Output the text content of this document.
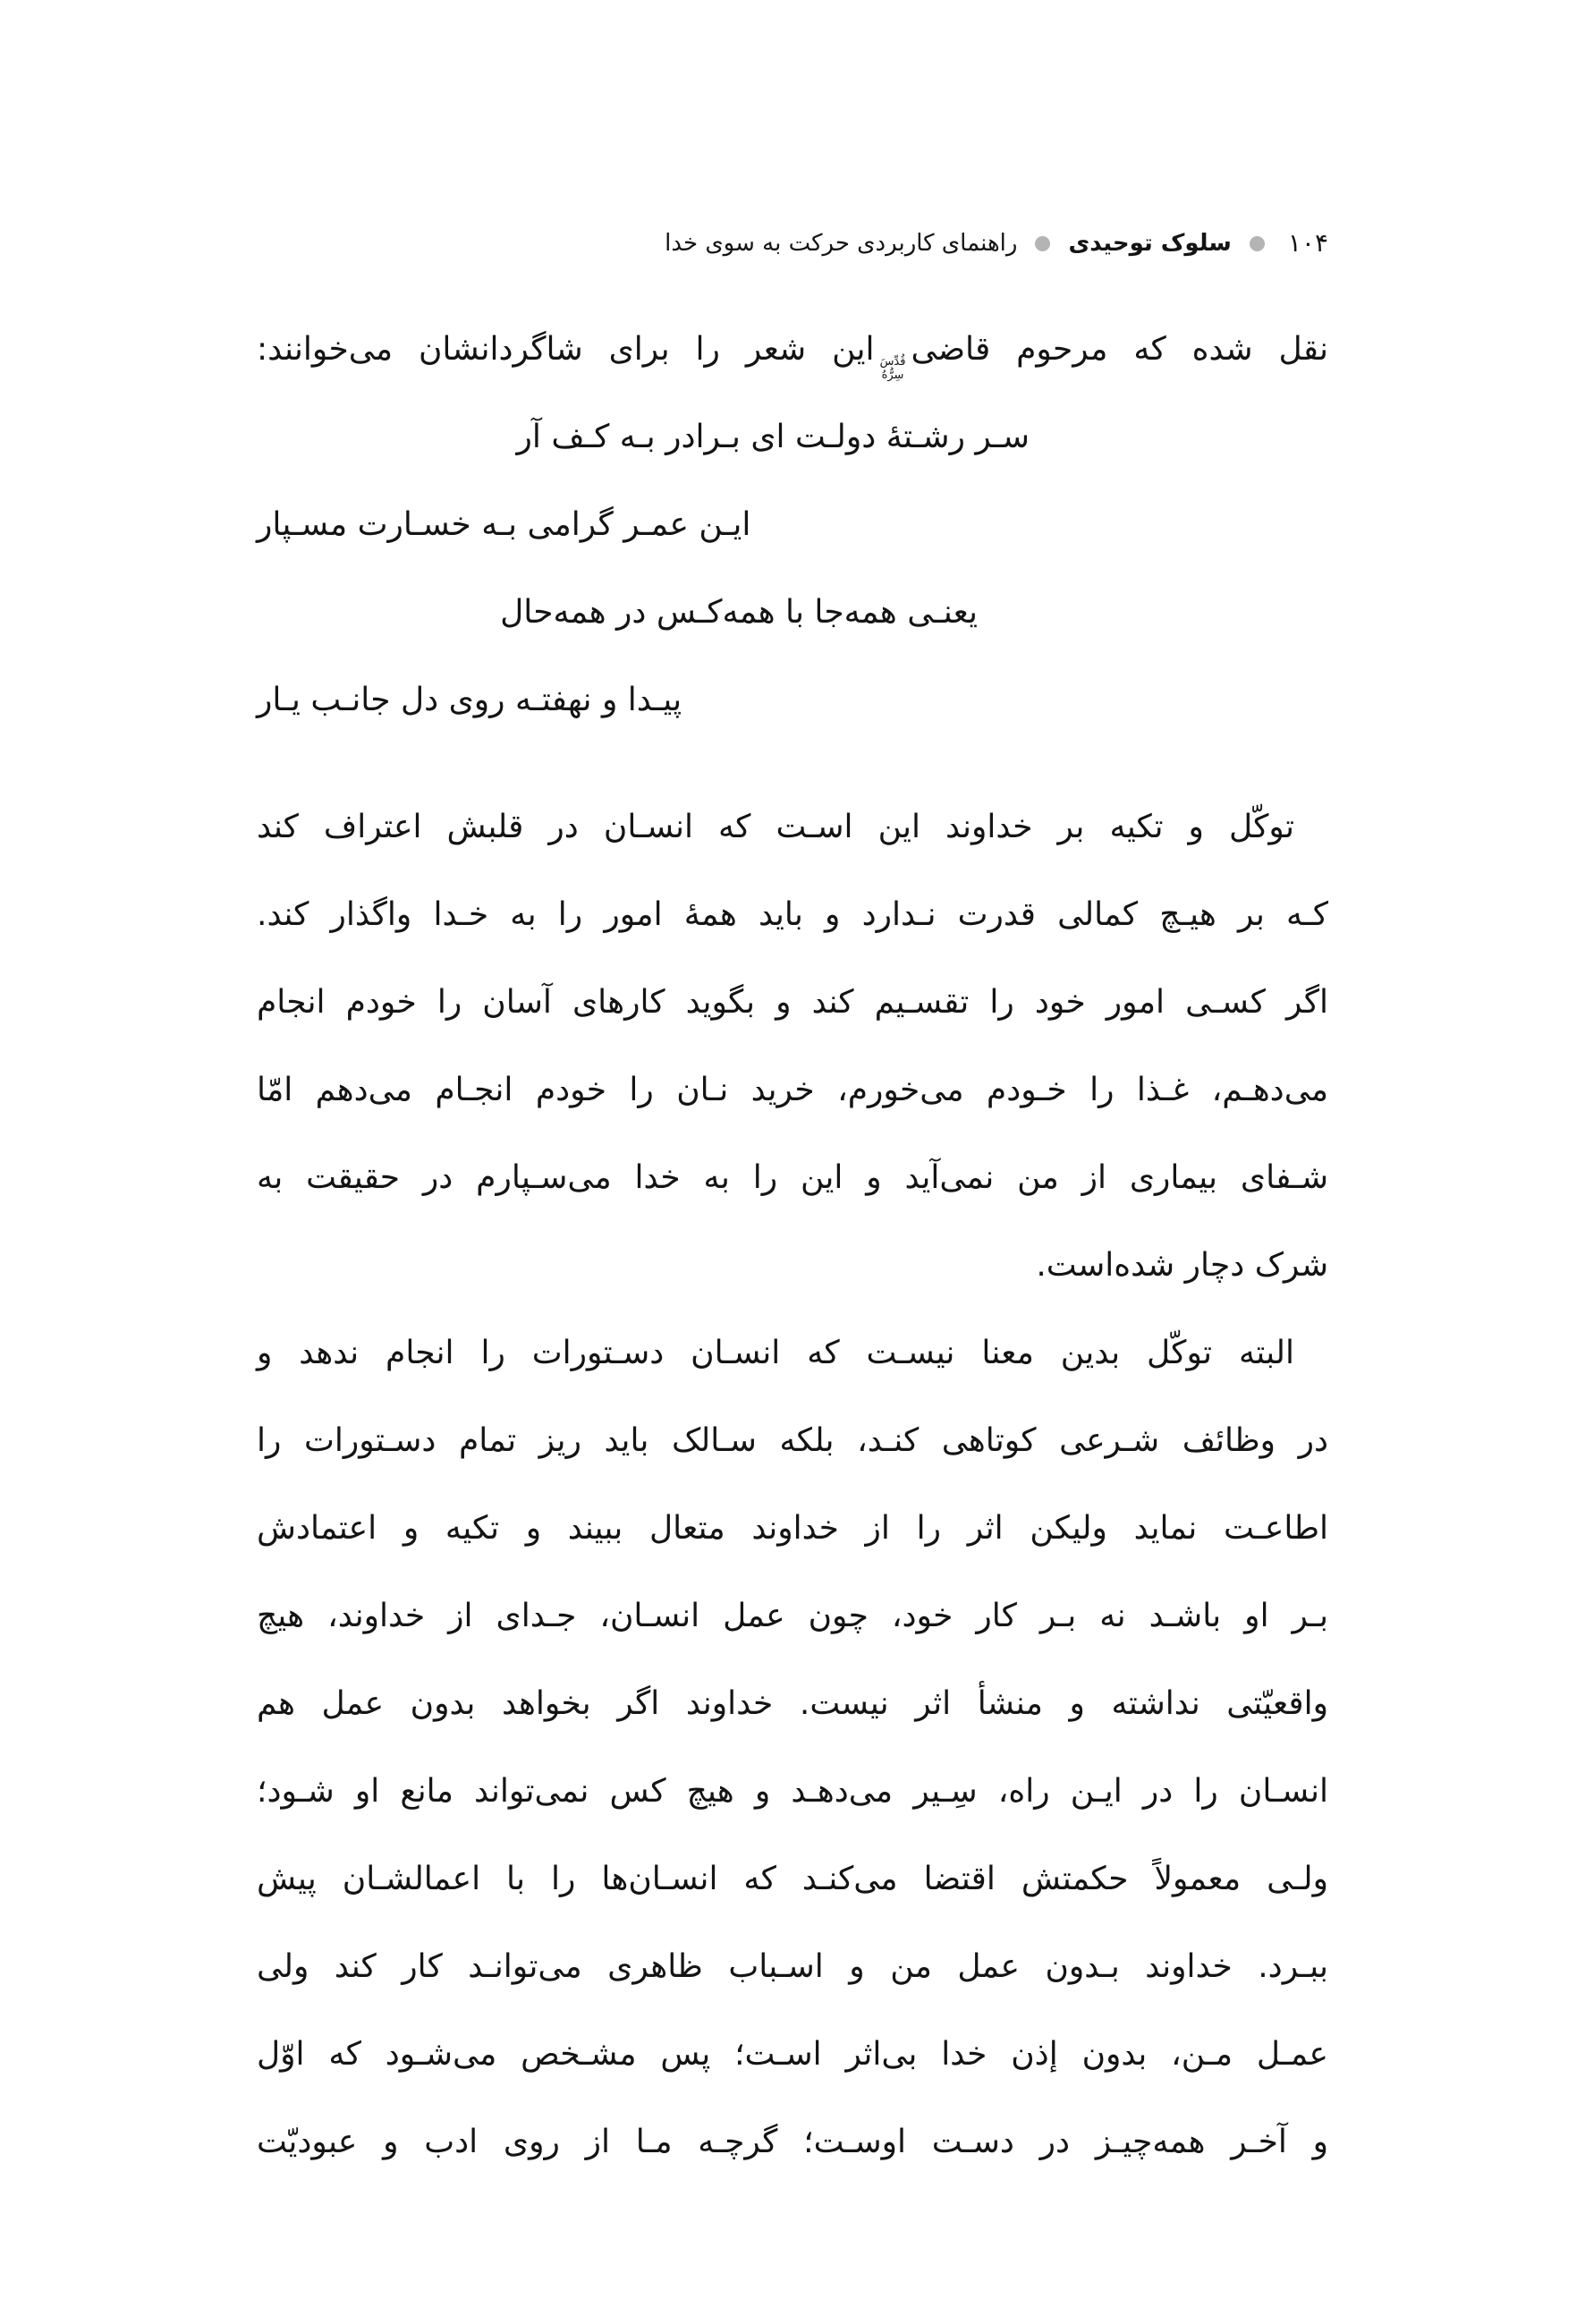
۱۰۴
سلوک توحیدی
راهنمای کاربردی حرکت به سوی خدا
نقل شده که مرحوم قاضی
قُدِّسَ
سِرُّهُ
این شعر را برای شاگردانشان می‌خوانند:
سـر رشـتهٔ دولـت ای بـرادر بـه کـف آر
ایـن عمـر گرامی بـه خسـارت مسـپار
یعنـی همه‌جا با همه‌کـس در همه‌حال
پیـدا و نهفتـه روی دل جانـب یـار
توکّل و تکیه بر خداوند این اسـت که انسـان در قلبش اعتراف کند
کـه بر هیـچ کمالی قدرت نـدارد و باید همهٔ امور را به خـدا واگذار کند.
اگر کسـی امور خود را تقسـیم کند و بگوید کارهای آسان را خودم انجام
می‌دهـم، غـذا را خـودم می‌خورم، خرید نـان را خودم انجـام می‌دهم امّا
شـفای بیماری از من نمی‌آید و این را به خدا می‌سـپارم در حقیقت به
شرک دچار شده‌است.
البته توکّل بدین معنا نیسـت که انسـان دسـتورات را انجام ندهد و
در وظائف شـرعی کوتاهی کنـد، بلکه سـالک باید ریز تمام دسـتورات را
اطاعـت نماید ولیکن اثر را از خداوند متعال ببیند و تکیه و اعتمادش
بـر او باشـد نه بـر کار خود، چون عمل انسـان، جـدای از خداوند، هیچ
واقعیّتی نداشته و منشأ اثر نیست. خداوند اگر بخواهد بدون عمل هم
انسـان را در ایـن راه، سِـیر می‌دهـد و هیچ کس نمی‌تواند مانع او شـود؛
ولـی معمولاً حکمتش اقتضا می‌کنـد که انسـان‌ها را با اعمالشـان پیش
ببـرد. خداوند بـدون عمل من و اسـباب ظاهری می‌توانـد کار کند ولی
عمـل مـن، بدون إذن خدا بی‌اثر اسـت؛ پس مشـخص می‌شـود که اوّل
و آخـر همه‌چیـز در دسـت اوسـت؛ گرچـه مـا از روی ادب و عبودیّت
